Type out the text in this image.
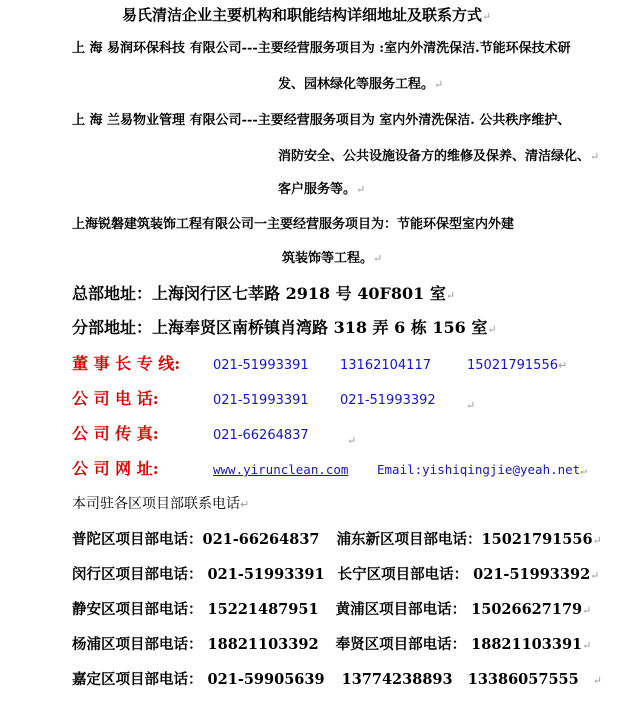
易氏清洁企业主要机构和职能结构详细地址及联系方式↵
上 海 易润环保科技 有限公司---主要经营服务项目为 :室内外清洗保洁.节能环保技术研
发、园林绿化等服务工程。↵
上 海 兰易物业管理 有限公司---主要经营服务项目为 室内外清洗保洁. 公共秩序维护、
消防安全、公共设施设备方的维修及保养、清洁绿化、↵
客户服务等。↵
上海锐磐建筑装饰工程有限公司一主要经营服务项目为：节能环保型室内外建
筑装饰等工程。↵
总部地址：上海闵行区七莘路 2918 号 40F801 室↵
分部地址：上海奉贤区南桥镇肖湾路 318 弄 6 栋 156 室↵
董 事 长 专 线:	021-51993391 13162104117	15021791556↵
公 司 电 话:	021-51993391 021-51993392	↵
公 司 传 真:	021-66264837	↵
公 司 网 址:	www.yirunclean.com Email:yishiqingjie@yeah.net↵
本司驻各区项目部联系电话↵
普陀区项目部电话：021-66264837 浦东新区项目部电话：15021791556↵
闵行区项目部电话： 021-51993391 长宁区项目部电话： 021-51993392↵
静安区项目部电话： 15221487951 黄浦区项目部电话： 15026627179↵
杨浦区项目部电话： 18821103392 奉贤区项目部电话： 18821103391↵
嘉定区项目部电话： 021-59905639 13774238893   13386057555 ↵
